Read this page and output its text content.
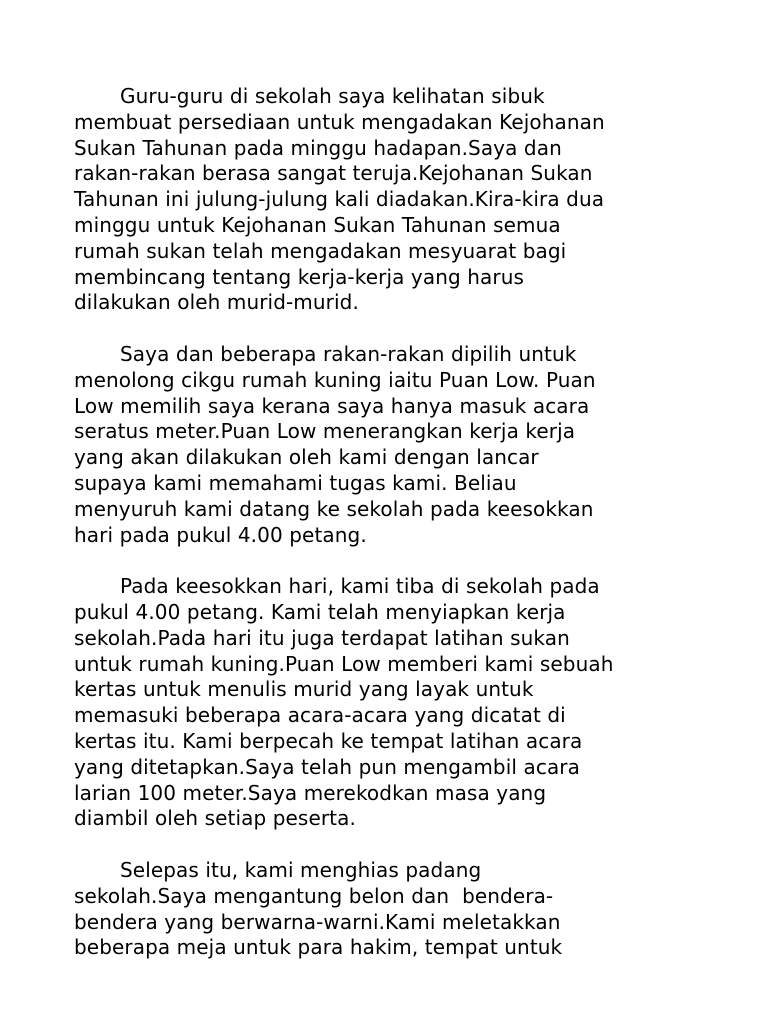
Guru-guru di sekolah saya kelihatan sibuk
membuat persediaan untuk mengadakan Kejohanan
Sukan Tahunan pada minggu hadapan.Saya dan
rakan-rakan berasa sangat teruja.Kejohanan Sukan
Tahunan ini julung-julung kali diadakan.Kira-kira dua
minggu untuk Kejohanan Sukan Tahunan semua
rumah sukan telah mengadakan mesyuarat bagi
membincang tentang kerja-kerja yang harus
dilakukan oleh murid-murid.
Saya dan beberapa rakan-rakan dipilih untuk
menolong cikgu rumah kuning iaitu Puan Low. Puan
Low memilih saya kerana saya hanya masuk acara
seratus meter.Puan Low menerangkan kerja kerja
yang akan dilakukan oleh kami dengan lancar
supaya kami memahami tugas kami. Beliau
menyuruh kami datang ke sekolah pada keesokkan
hari pada pukul 4.00 petang.
Pada keesokkan hari, kami tiba di sekolah pada
pukul 4.00 petang. Kami telah menyiapkan kerja
sekolah.Pada hari itu juga terdapat latihan sukan
untuk rumah kuning.Puan Low memberi kami sebuah
kertas untuk menulis murid yang layak untuk
memasuki beberapa acara-acara yang dicatat di
kertas itu. Kami berpecah ke tempat latihan acara
yang ditetapkan.Saya telah pun mengambil acara
larian 100 meter.Saya merekodkan masa yang
diambil oleh setiap peserta.
Selepas itu, kami menghias padang
sekolah.Saya mengantung belon dan  bendera-
bendera yang berwarna-warni.Kami meletakkan
beberapa meja untuk para hakim, tempat untuk
